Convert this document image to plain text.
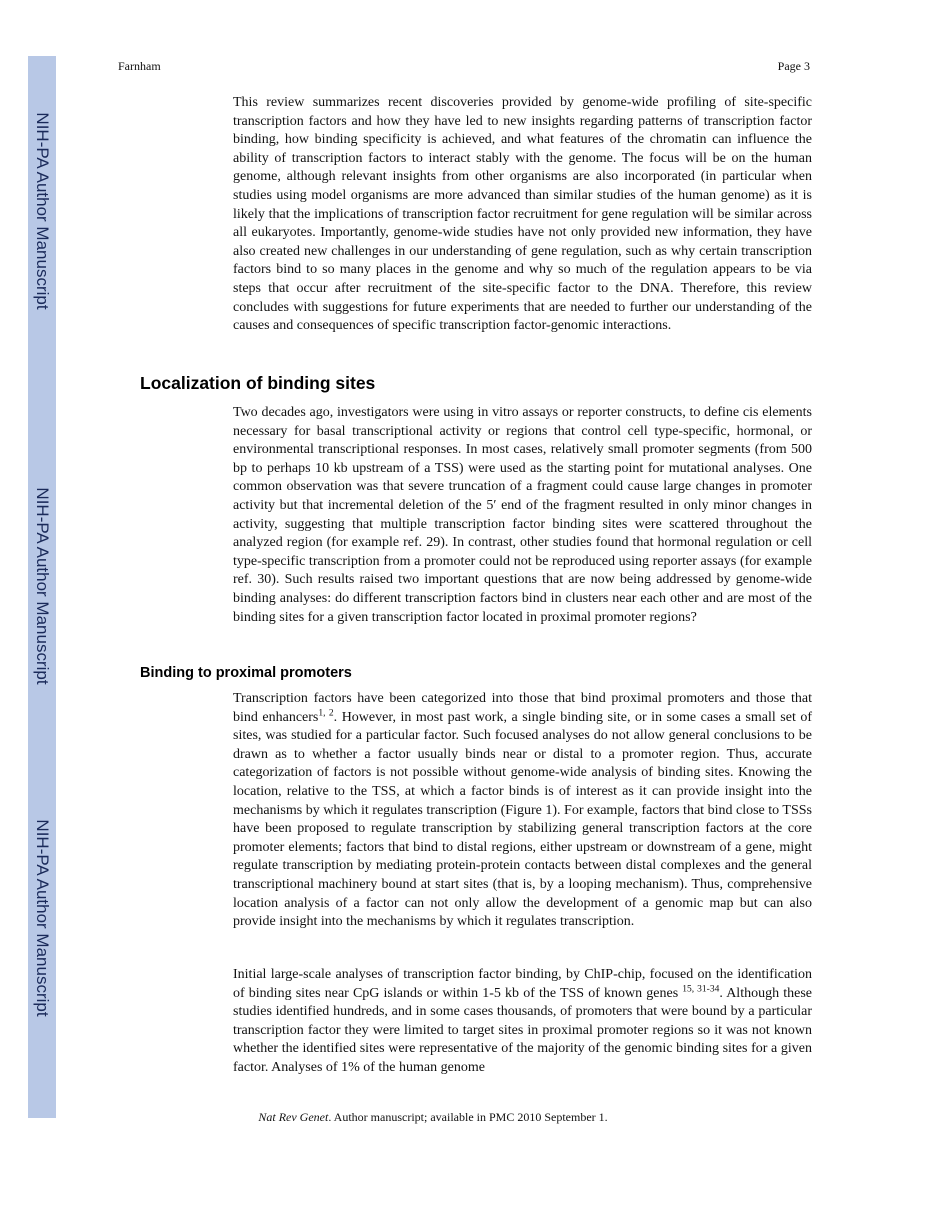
NIH-PA Author Manuscript
NIH-PA Author Manuscript
NIH-PA Author Manuscript
Farnham	Page 3

This review summarizes recent discoveries provided by genome-wide profiling of site-specific transcription factors and how they have led to new insights regarding patterns of transcription factor binding, how binding specificity is achieved, and what features of the chromatin can influence the ability of transcription factors to interact stably with the genome. The focus will be on the human genome, although relevant insights from other organisms are also incorporated (in particular when studies using model organisms are more advanced than similar studies of the human genome) as it is likely that the implications of transcription factor recruitment for gene regulation will be similar across all eukaryotes. Importantly, genome-wide studies have not only provided new information, they have also created new challenges in our understanding of gene regulation, such as why certain transcription factors bind to so many places in the genome and why so much of the regulation appears to be via steps that occur after recruitment of the site-specific factor to the DNA. Therefore, this review concludes with suggestions for future experiments that are needed to further our understanding of the causes and consequences of specific transcription factor-genomic interactions.

Localization of binding sites

Two decades ago, investigators were using in vitro assays or reporter constructs, to define cis elements necessary for basal transcriptional activity or regions that control cell type-specific, hormonal, or environmental transcriptional responses. In most cases, relatively small promoter segments (from 500 bp to perhaps 10 kb upstream of a TSS) were used as the starting point for mutational analyses. One common observation was that severe truncation of a fragment could cause large changes in promoter activity but that incremental deletion of the 5′ end of the fragment resulted in only minor changes in activity, suggesting that multiple transcription factor binding sites were scattered throughout the analyzed region (for example ref. 29). In contrast, other studies found that hormonal regulation or cell type-specific transcription from a promoter could not be reproduced using reporter assays (for example ref. 30). Such results raised two important questions that are now being addressed by genome-wide binding analyses: do different transcription factors bind in clusters near each other and are most of the binding sites for a given transcription factor located in proximal promoter regions?

Binding to proximal promoters

Transcription factors have been categorized into those that bind proximal promoters and those that bind enhancers$^{1, 2}$. However, in most past work, a single binding site, or in some cases a small set of sites, was studied for a particular factor. Such focused analyses do not allow general conclusions to be drawn as to whether a factor usually binds near or distal to a promoter region. Thus, accurate categorization of factors is not possible without genome-wide analysis of binding sites. Knowing the location, relative to the TSS, at which a factor binds is of interest as it can provide insight into the mechanisms by which it regulates transcription (Figure 1). For example, factors that bind close to TSSs have been proposed to regulate transcription by stabilizing general transcription factors at the core promoter elements; factors that bind to distal regions, either upstream or downstream of a gene, might regulate transcription by mediating protein-protein contacts between distal complexes and the general transcriptional machinery bound at start sites (that is, by a looping mechanism). Thus, comprehensive location analysis of a factor can not only allow the development of a genomic map but can also provide insight into the mechanisms by which it regulates transcription.

Initial large-scale analyses of transcription factor binding, by ChIP-chip, focused on the identification of binding sites near CpG islands or within 1-5 kb of the TSS of known genes $^{15, 31-34}$. Although these studies identified hundreds, and in some cases thousands, of promoters that were bound by a particular transcription factor they were limited to target sites in proximal promoter regions so it was not known whether the identified sites were representative of the majority of the genomic binding sites for a given factor. Analyses of 1% of the human genome

Nat Rev Genet. Author manuscript; available in PMC 2010 September 1.
